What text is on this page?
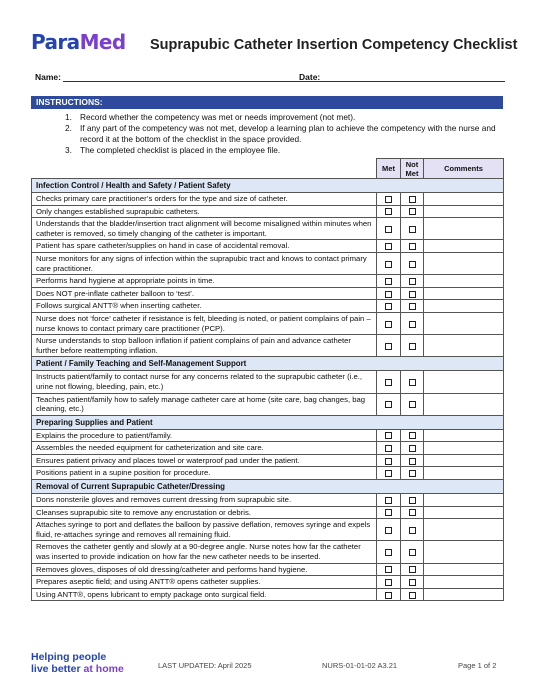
ParaMed Suprapubic Catheter Insertion Competency Checklist
Name:	Date:
INSTRUCTIONS:
1. Record whether the competency was met or needs improvement (not met).
2. If any part of the competency was not met, develop a learning plan to achieve the competency with the nurse and record it at the bottom of the checklist in the space provided.
3. The completed checklist is placed in the employee file.
	Met	Not Met	Comments
Infection Control / Health and Safety / Patient Safety			
Checks primary care practitioner’s orders for the type and size of catheter.			
Only changes established suprapubic catheters.			
Understands that the bladder/insertion tract alignment will become misaligned within minutes when catheter is removed, so timely changing of the catheter is important.			
Patient has spare catheter/supplies on hand in case of accidental removal.			
Nurse monitors for any signs of infection within the suprapubic tract and knows to contact primary care practitioner.			
Performs hand hygiene at appropriate points in time.			
Does NOT pre-inflate catheter balloon to ‘test’.			
Follows surgical ANTT® when inserting catheter.			
Nurse does not ‘force’ catheter if resistance is felt, bleeding is noted, or patient complains of pain – nurse knows to contact primary care practitioner (PCP).			
Nurse understands to stop balloon inflation if patient complains of pain and advance catheter further before reattempting inflation.			
Patient / Family Teaching and Self-Management Support			
Instructs patient/family to contact nurse for any concerns related to the suprapubic catheter (i.e., urine not flowing, bleeding, pain, etc.)			
Teaches patient/family how to safely manage catheter care at home (site care, bag changes, bag cleaning, etc.)			
Preparing Supplies and Patient			
Explains the procedure to patient/family.			
Assembles the needed equipment for catheterization and site care.			
Ensures patient privacy and places towel or waterproof pad under the patient.			
Positions patient in a supine position for procedure.			
Removal of Current Suprapubic Catheter/Dressing			
Dons nonsterile gloves and removes current dressing from suprapubic site.			
Cleanses suprapubic site to remove any encrustation or debris.			
Attaches syringe to port and deflates the balloon by passive deflation, removes syringe and expels fluid, re-attaches syringe and removes all remaining fluid.			
Removes the catheter gently and slowly at a 90-degree angle. Nurse notes how far the catheter was inserted to provide indication on how far the new catheter needs to be inserted.			
Removes gloves, disposes of old dressing/catheter and performs hand hygiene.			
Prepares aseptic field; and using ANTT® opens catheter supplies.			
Using ANTT®, opens lubricant to empty package onto surgical field.			
Helping people
live better at home	LAST UPDATED: April 2025	NURS-01-01-02 A3.21	Page 1 of 2
